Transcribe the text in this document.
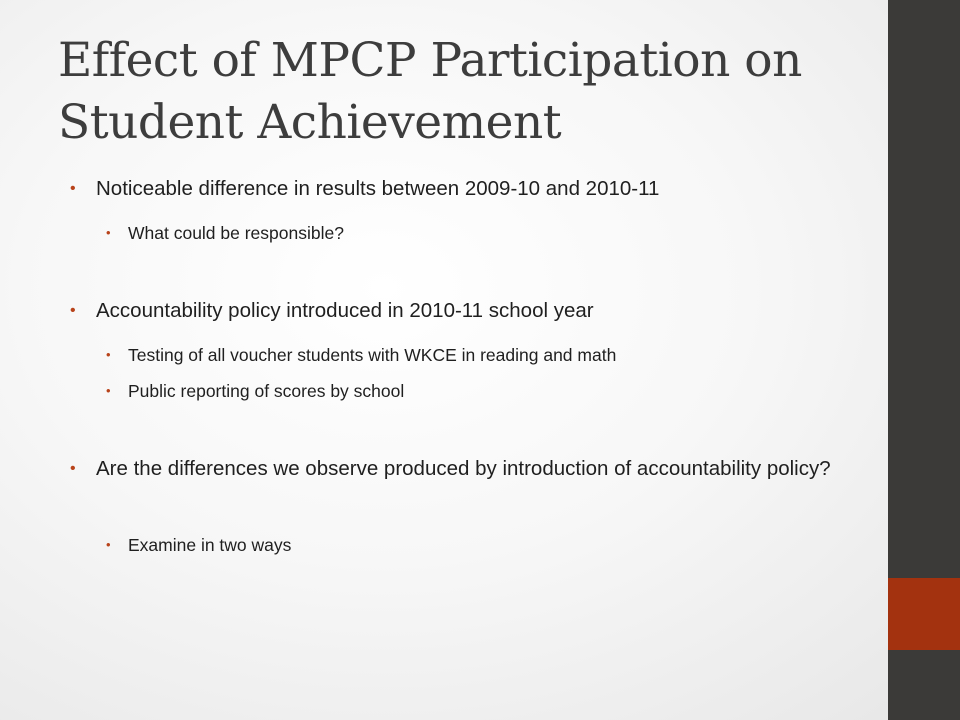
Effect of MPCP Participation on Student Achievement
• Noticeable difference in results between 2009-10 and 2010-11
• What could be responsible?
• Accountability policy introduced in 2010-11 school year
• Testing of all voucher students with WKCE in reading and math
• Public reporting of scores by school
• Are the differences we observe produced by introduction of accountability policy?
• Examine in two ways
